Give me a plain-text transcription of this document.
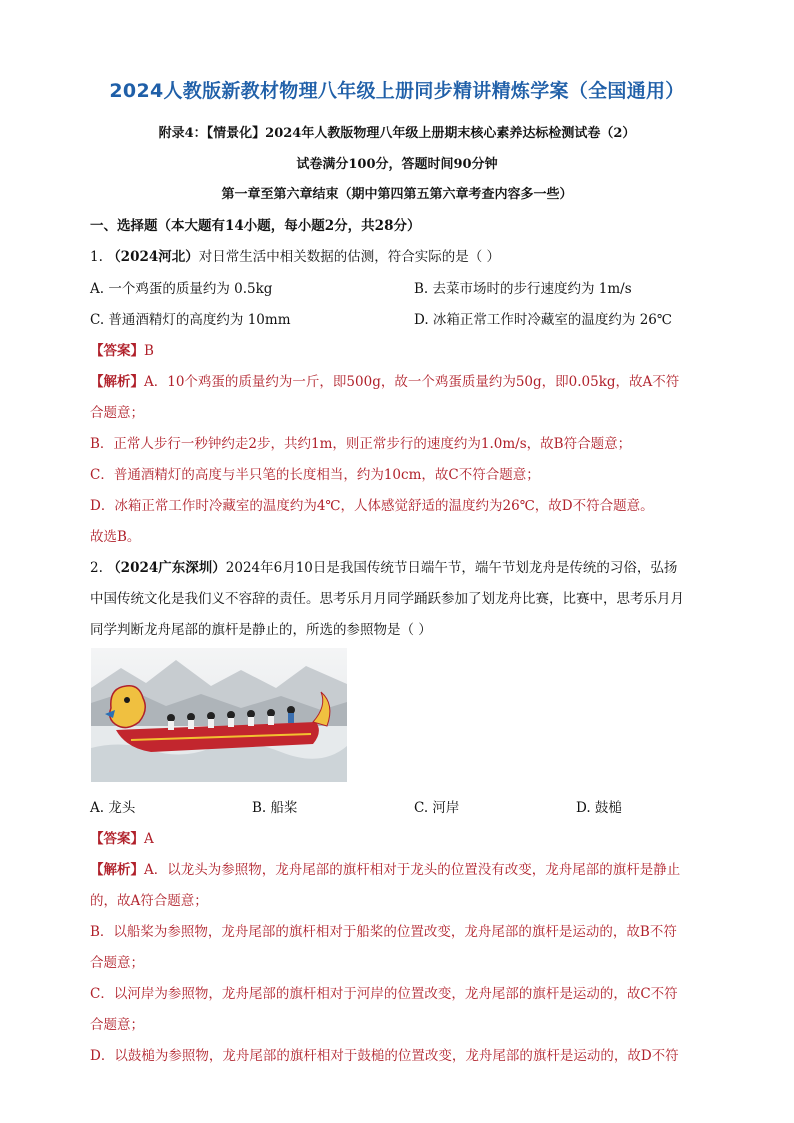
2024人教版新教材物理八年级上册同步精讲精炼学案（全国通用）
附录4：【情景化】2024年人教版物理八年级上册期末核心素养达标检测试卷（2）
试卷满分100分，答题时间90分钟
第一章至第六章结束（期中第四第五第六章考查内容多一些）
一、选择题（本大题有14小题，每小题2分，共28分）
1. （2024河北）对日常生活中相关数据的估测，符合实际的是（ ）
A. 一个鸡蛋的质量约为 0.5kg	B. 去菜市场时的步行速度约为 1m/s
C. 普通酒精灯的高度约为 10mm	D. 冰箱正常工作时冷藏室的温度约为 26℃
【答案】B
【解析】A．10个鸡蛋的质量约为一斤，即500g，故一个鸡蛋质量约为50g，即0.05kg，故A不符
合题意；
B．正常人步行一秒钟约走2步，共约1m，则正常步行的速度约为1.0m/s，故B符合题意；
C．普通酒精灯的高度与半只笔的长度相当，约为10cm，故C不符合题意；
D．冰箱正常工作时冷藏室的温度约为4℃，人体感觉舒适的温度约为26℃，故D不符合题意。
故选B。
2. （2024广东深圳）2024年6月10日是我国传统节日端午节，端午节划龙舟是传统的习俗，弘扬
中国传统文化是我们义不容辞的责任。思考乐月月同学踊跃参加了划龙舟比赛，比赛中，思考乐月月
同学判断龙舟尾部的旗杆是静止的，所选的参照物是（ ）
A. 龙头	B. 船桨	C. 河岸	D. 鼓槌
【答案】A
【解析】A．以龙头为参照物，龙舟尾部的旗杆相对于龙头的位置没有改变，龙舟尾部的旗杆是静止
的，故A符合题意；
B．以船桨为参照物，龙舟尾部的旗杆相对于船桨的位置改变，龙舟尾部的旗杆是运动的，故B不符
合题意；
C．以河岸为参照物，龙舟尾部的旗杆相对于河岸的位置改变，龙舟尾部的旗杆是运动的，故C不符
合题意；
D．以鼓槌为参照物，龙舟尾部的旗杆相对于鼓槌的位置改变，龙舟尾部的旗杆是运动的，故D不符
